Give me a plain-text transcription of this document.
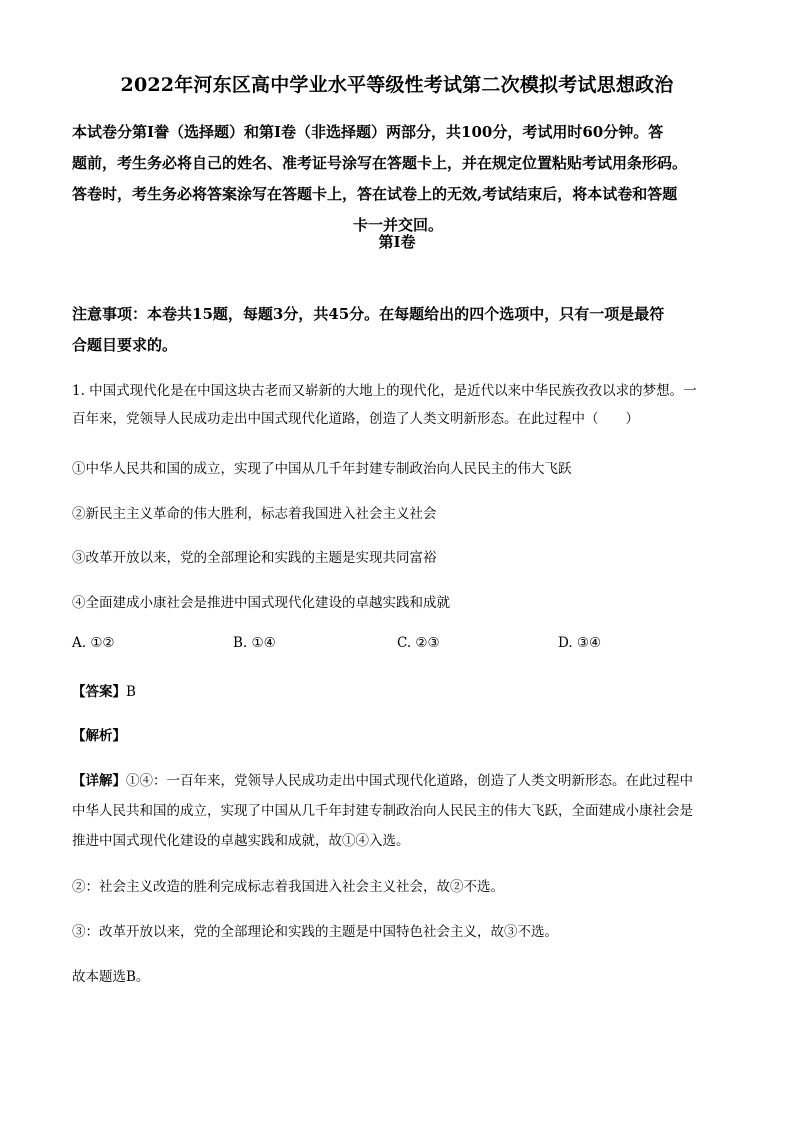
2022年河东区高中学业水平等级性考试第二次模拟考试思想政治

本试卷分第Ⅰ誊（选择题）和第Ⅰ卷（非选择题）两部分，共100分，考试用时60分钟。答

题前，考生务必将自己的姓名、准考证号涂写在答题卡上，并在规定位置粘贴考试用条形码。

答卷时，考生务必将答案涂写在答题卡上，答在试卷上的无效,考试结束后，将本试卷和答题

卡一并交回。

第Ⅰ卷

注意事项：本卷共15题，每题3分，共45分。在每题给出的四个选项中，只有一项是最符

合题目要求的。

1. 中国式现代化是在中国这块古老而又崭新的大地上的现代化，是近代以来中华民族孜孜以求的梦想。一

百年来，党领导人民成功走出中国式现代化道路，创造了人类文明新形态。在此过程中（　　）

①中华人民共和国的成立，实现了中国从几千年封建专制政治向人民民主的伟大飞跃
②新民主主义革命的伟大胜利，标志着我国进入社会主义社会
③改革开放以来，党的全部理论和实践的主题是实现共同富裕
④全面建成小康社会是推进中国式现代化建设的卓越实践和成就
A. ①②	B. ①④	C. ②③	D. ③④
【答案】B
【解析】

【详解】①④：一百年来，党领导人民成功走出中国式现代化道路，创造了人类文明新形态。在此过程中

中华人民共和国的成立，实现了中国从几千年封建专制政治向人民民主的伟大飞跃，全面建成小康社会是

推进中国式现代化建设的卓越实践和成就，故①④入选。

②：社会主义改造的胜利完成标志着我国进入社会主义社会，故②不选。
③：改革开放以来，党的全部理论和实践的主题是中国特色社会主义，故③不选。
故本题选B。
